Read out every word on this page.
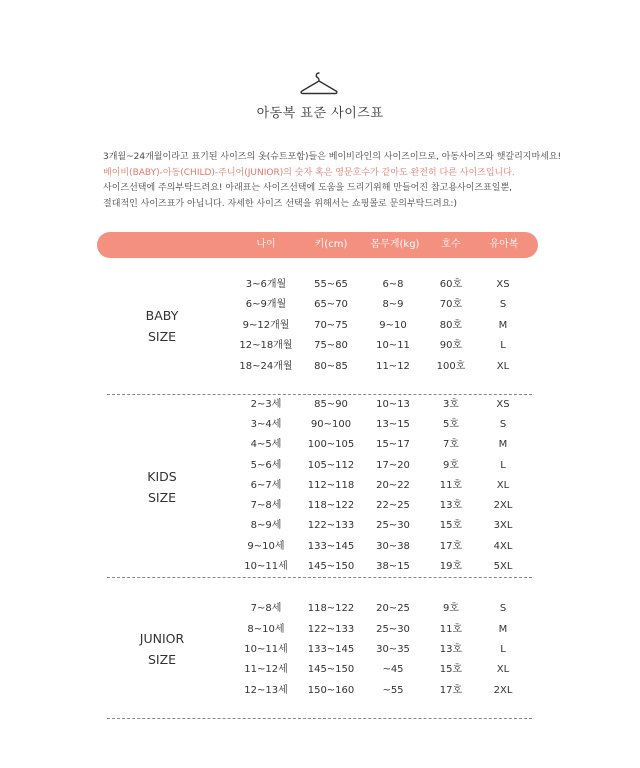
아동복 표준 사이즈표
3개월~24개월이라고 표기된 사이즈의 옷(슈트포함)들은 베이비라인의 사이즈이므로, 아동사이즈와 햇갈리지마세요!
베이비(BABY)-아동(CHILD)-주니어(JUNIOR)의 숫자 혹은 영문호수가 같아도 완전히 다른 사이즈입니다.
사이즈선택에 주의부탁드려요! 아래표는 사이즈선택에 도움을 드리기위해 만들어진 참고용사이즈표일뿐,
절대적인 사이즈표가 아닙니다. 자세한 사이즈 선택을 위해서는 쇼핑몰로 문의부탁드려요:)
나이	키(cm) 몸무게(kg) 호수	유아복
BABY
SIZE
3~6개월	55~65	6~8	60호	XS
6~9개월	65~70	8~9	70호	S
9~12개월 70~75	9~10	80호	M
12~18개월 75~80	10~11	90호	L
18~24개월 80~85	11~12	100호	XL
KIDS
SIZE
2~3세	85~90	10~13	3호	XS
3~4세	90~100 13~15	5호	S
4~5세	100~105 15~17	7호	M
5~6세	105~112 17~20	9호	L
6~7세	112~118 20~22	11호	XL
7~8세	118~122 22~25	13호	2XL
8~9세	122~133 25~30	15호	3XL
9~10세 133~145 30~38	17호	4XL
10~11세 145~150 38~15	19호	5XL
JUNIOR
SIZE
7~8세	118~122 20~25	9호	S
8~10세 122~133 25~30	11호	M
10~11세 133~145 30~35	13호	L
11~12세 145~150	~45	15호	XL
12~13세 150~160	~55	17호	2XL
